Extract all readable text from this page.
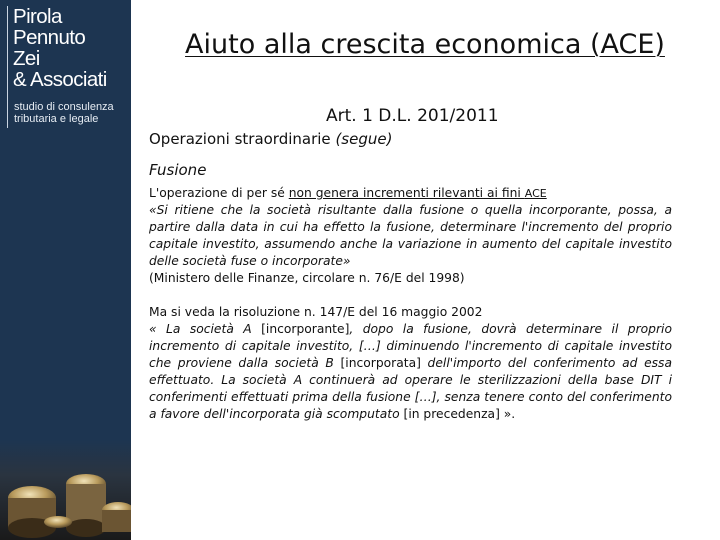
Pirola
Pennuto
Zei
& Associati
studio di consulenza
tributaria e legale
Aiuto alla crescita economica (ACE)
Art. 1 D.L. 201/2011
Operazioni straordinarie (segue)
Fusione

L'operazione di per sé non genera incrementi rilevanti ai fini ACE

«Si ritiene che la società risultante dalla fusione o quella incorporante, possa, a partire dalla data in cui ha effetto la fusione, determinare l'incremento del proprio capitale investito, assumendo anche la variazione in aumento del capitale investito delle società fuse o incorporate»

(Ministero delle Finanze, circolare n. 76/E del 1998)

Ma si veda la risoluzione n. 147/E del 16 maggio 2002

« La società A [incorporante], dopo la fusione, dovrà determinare il proprio incremento di capitale investito, […] diminuendo l'incremento di capitale investito che proviene dalla società B [incorporata] dell'importo del conferimento ad essa effettuato. La società A continuerà ad operare le sterilizzazioni della base DIT i conferimenti effettuati prima della fusione […], senza tenere conto del conferimento a favore dell'incorporata già scomputato [in precedenza] ».
